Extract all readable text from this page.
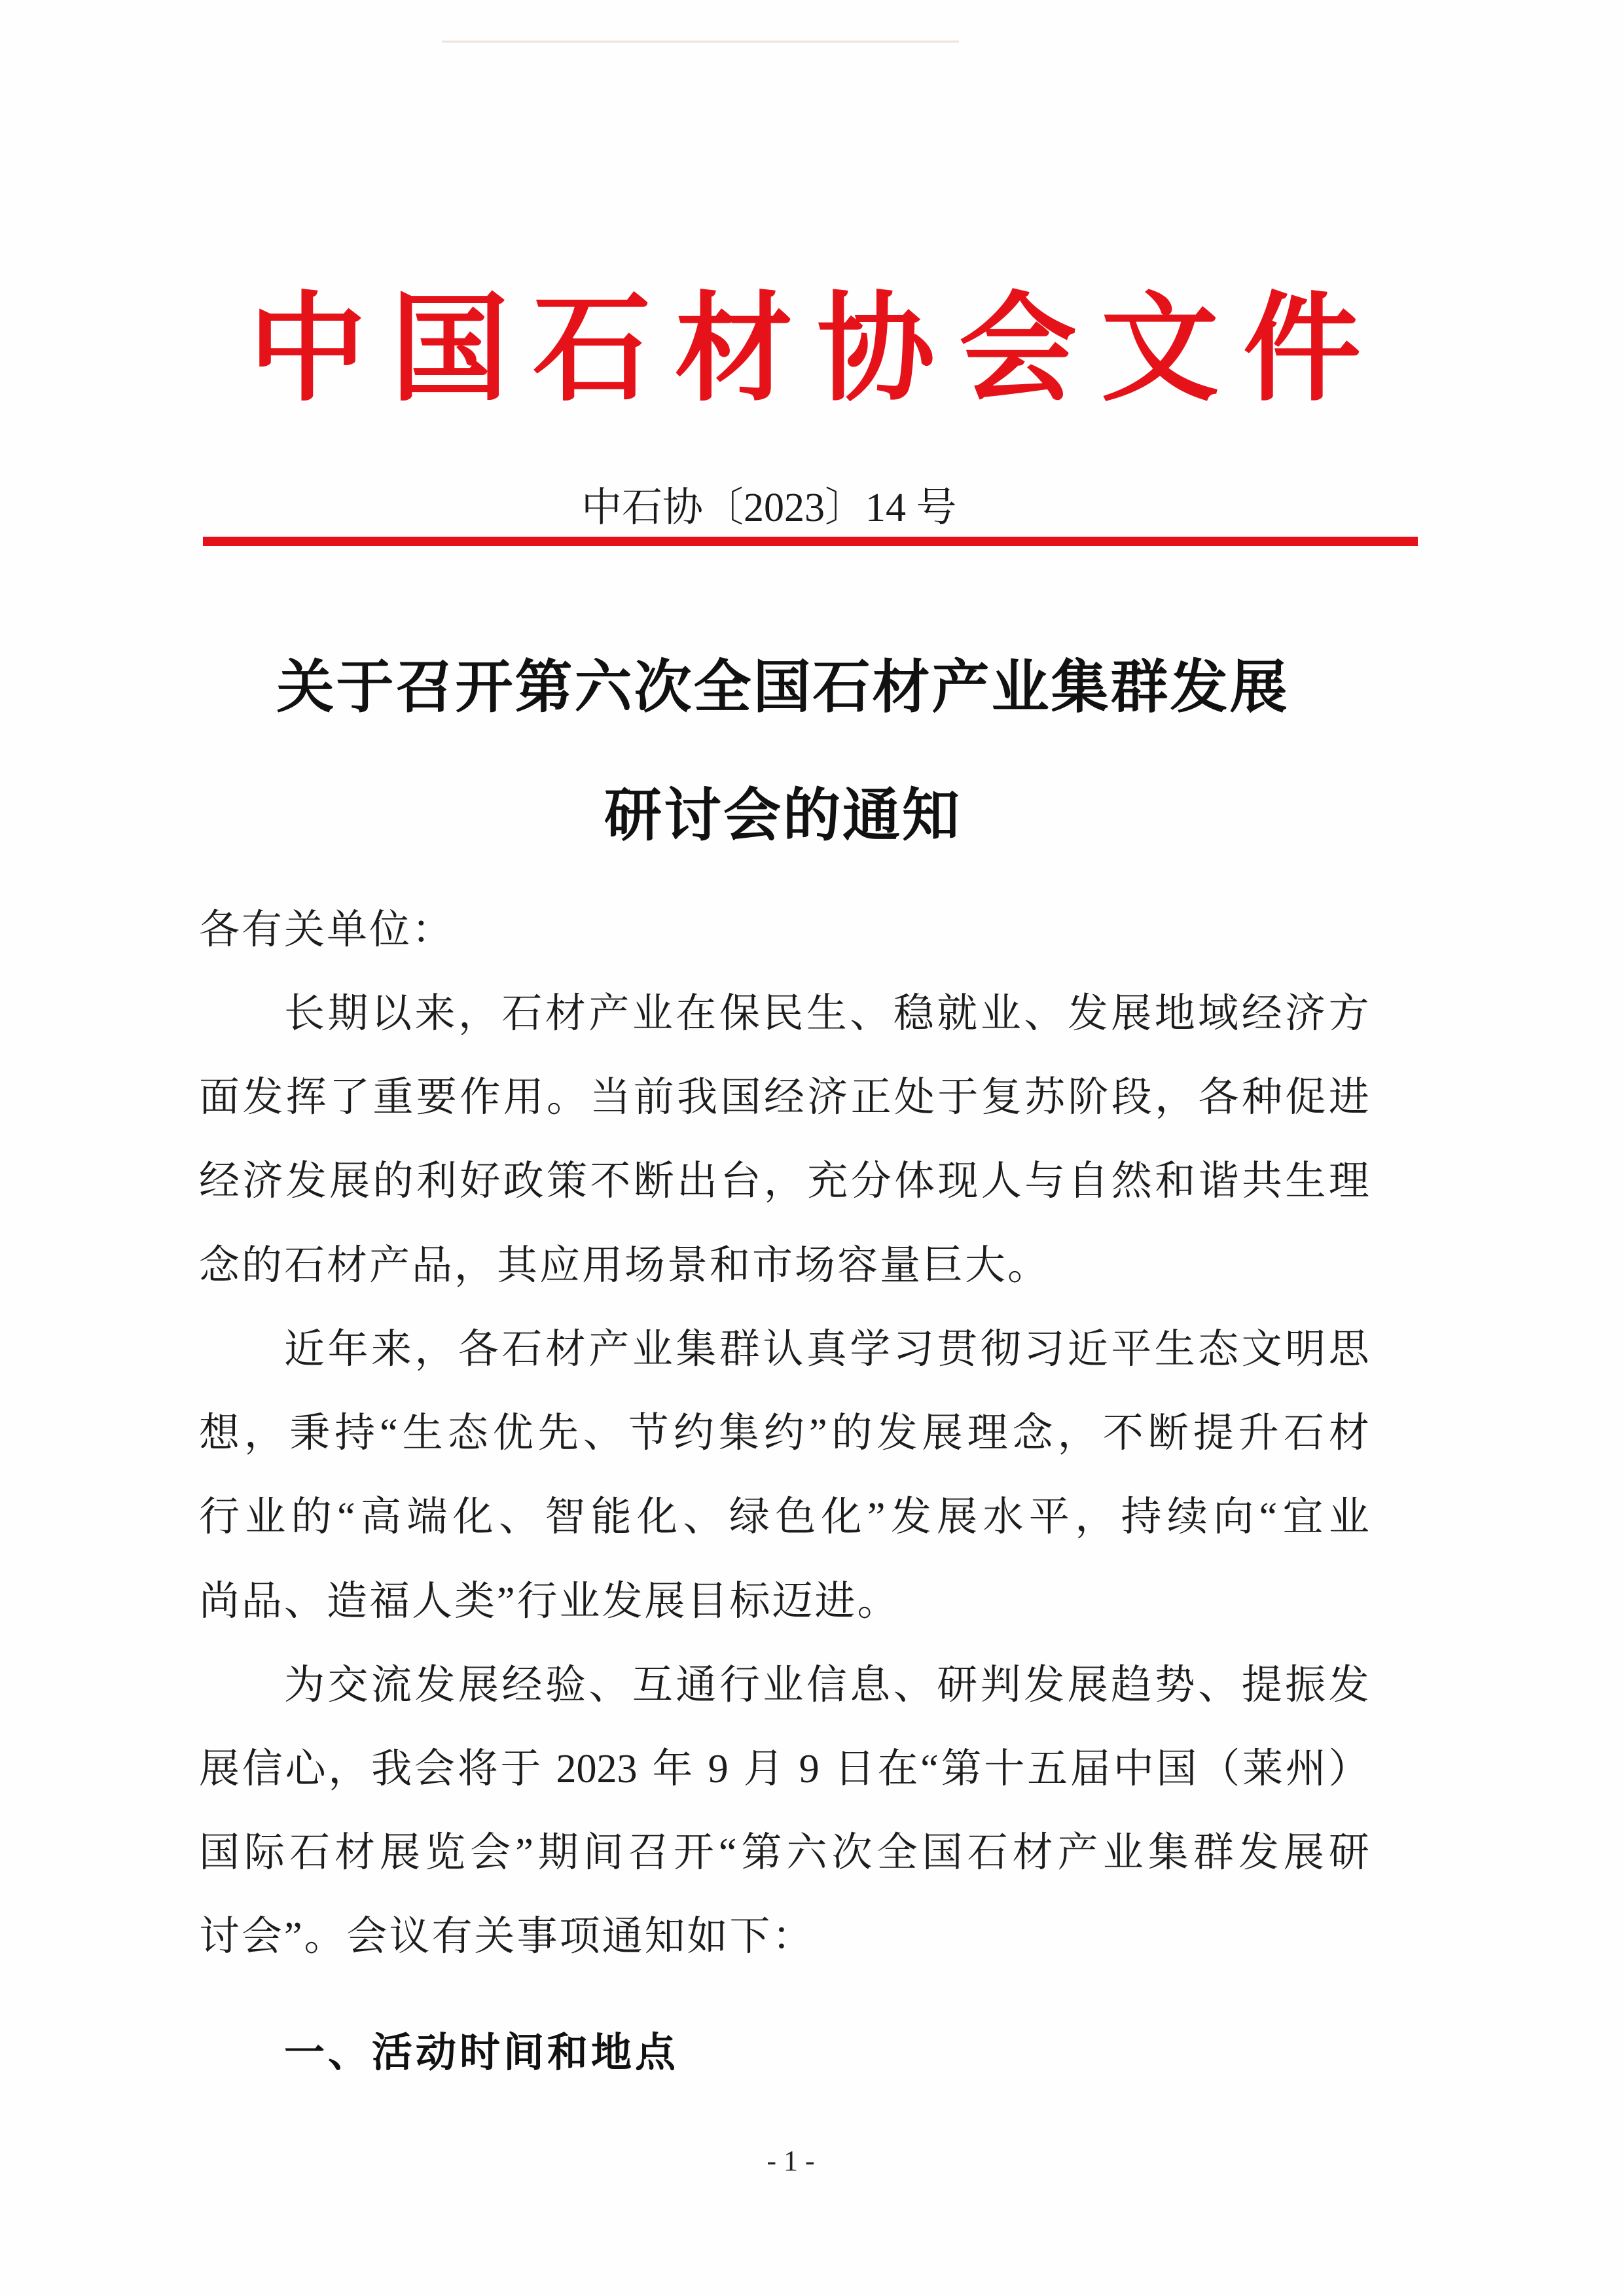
中国石材协会文件
中石协〔2023〕14 号
关于召开第六次全国石材产业集群发展
研讨会的通知
各有关单位：
长 期 以 来 ， 石 材 产 业 在 保 民 生 、 稳 就 业 、 发 展 地 域 经 济 方
面 发 挥 了 重 要 作 用 。 当 前 我 国 经 济 正 处 于 复 苏 阶 段 ， 各 种 促 进
经 济 发 展 的 利 好 政 策 不 断 出 台 ， 充 分 体 现 人 与 自 然 和 谐 共 生 理
念的石材产品，其应用场景和市场容量巨大。
近 年 来 ， 各 石 材 产 业 集 群 认 真 学 习 贯 彻 习 近 平 生 态 文 明 思
想 ， 秉 持 “ 生 态 优 先 、 节 约 集 约 ” 的 发 展 理 念 ， 不 断 提 升 石 材
行 业 的 “ 高 端 化 、 智 能 化 、 绿 色 化 ” 发 展 水 平 ， 持 续 向 “ 宜 业
尚品、造福人类”行业发展目标迈进。
为 交 流 发 展 经 验 、 互 通 行 业 信 息 、 研 判 发 展 趋 势 、 提 振 发
展 信 心 ， 我 会 将 于
2023
年
9
月
9
日 在 “ 第 十 五 届 中 国 （ 莱 州 ）
国 际 石 材 展 览 会 ” 期 间 召 开 “ 第 六 次 全 国 石 材 产 业 集 群 发 展 研
讨会”。会议有关事项通知如下：
一、活动时间和地点
- 1 -
